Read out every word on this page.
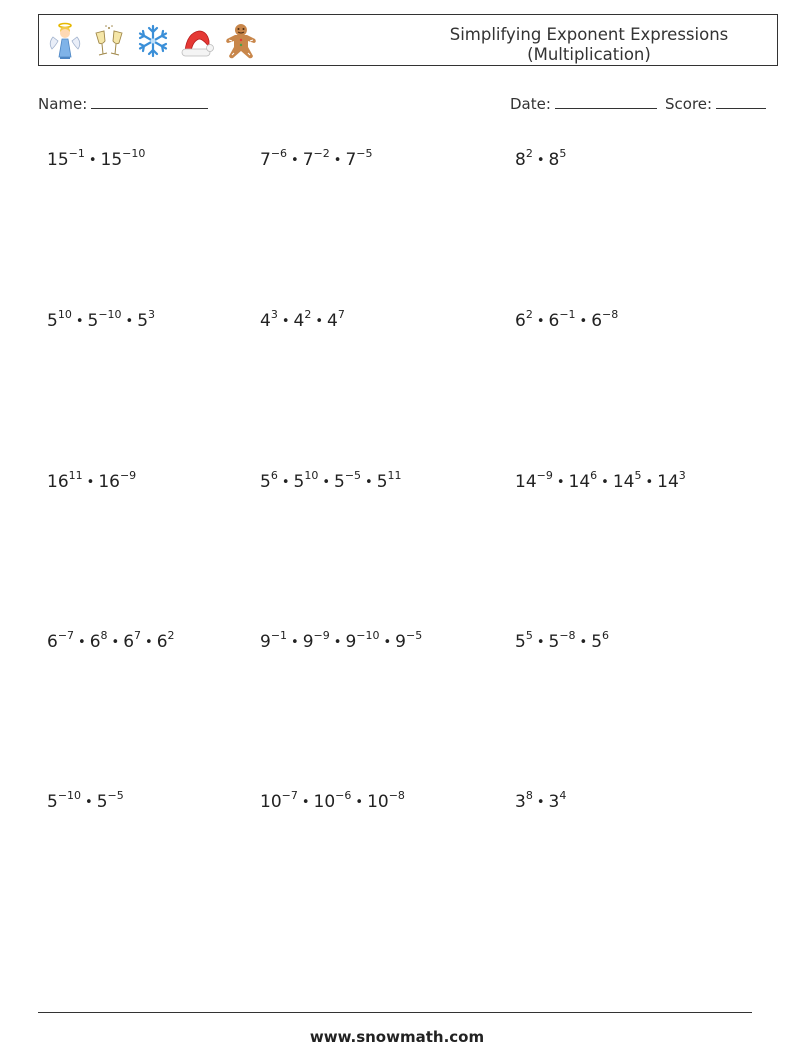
Simplifying Exponent Expressions
(Multiplication)
Name:	Date:	Score:
$15^{-1}$ • $15^{-10}$	$7^{-6}$ • $7^{-2}$ • $7^{-5}$	$8^2$ • $8^5$
$5^{10}$ • $5^{-10}$ • $5^3$	$4^3$ • $4^2$ • $4^7$	$6^2$ • $6^{-1}$ • $6^{-8}$
$16^{11}$ • $16^{-9}$	$5^6$ • $5^{10}$ • $5^{-5}$ • $5^{11}$	$14^{-9}$ • $14^6$ • $14^5$ • $14^3$
$6^{-7}$ • $6^8$ • $6^7$ • $6^2$	$9^{-1}$ • $9^{-9}$ • $9^{-10}$ • $9^{-5}$	$5^5$ • $5^{-8}$ • $5^6$
$5^{-10}$ • $5^{-5}$	$10^{-7}$ • $10^{-6}$ • $10^{-8}$	$3^8$ • $3^4$
www.snowmath.com
